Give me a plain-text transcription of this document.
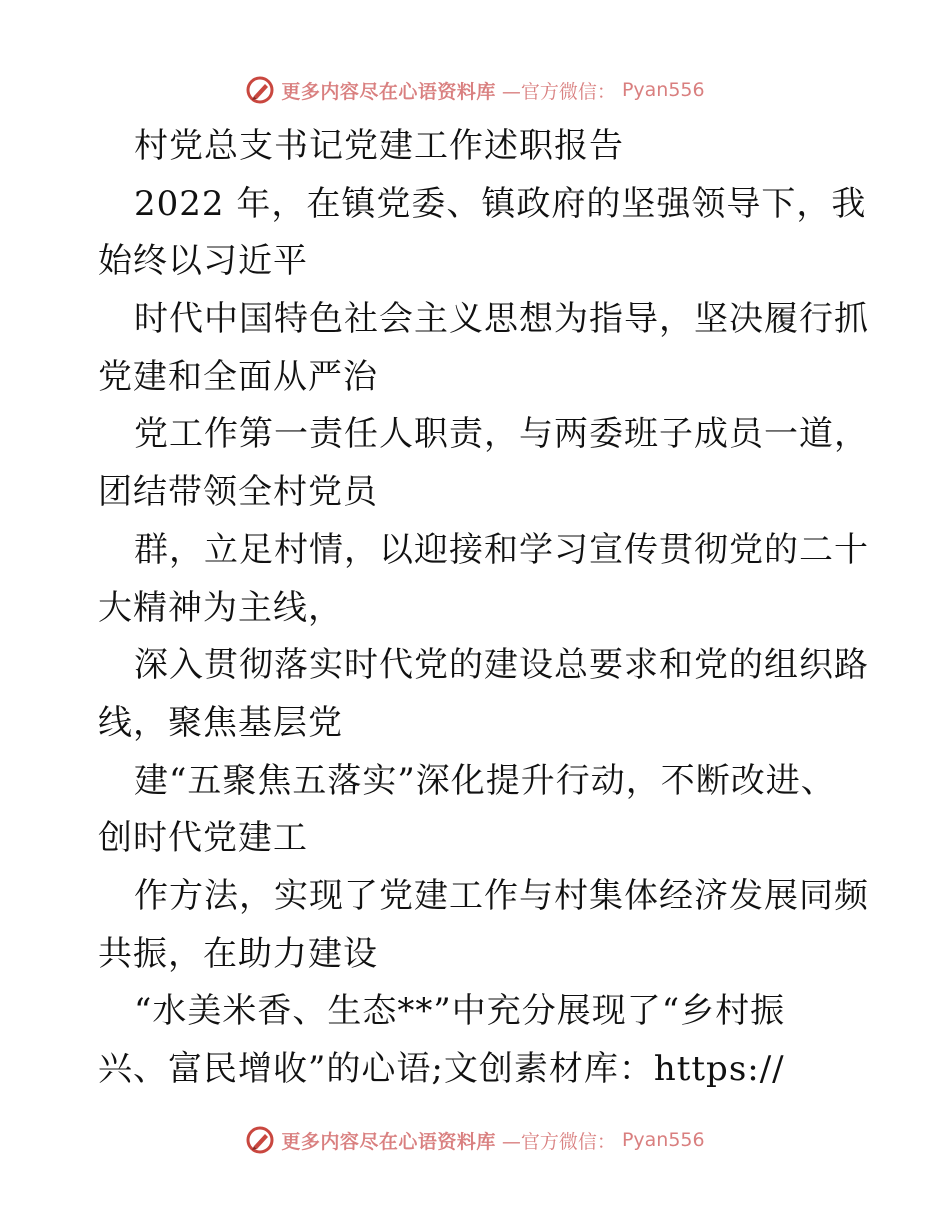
更多内容尽在心语资料库 —官方微信： Pyan556
村党总支书记党建工作述职报告
2022 年，在镇党委、镇政府的坚强领导下，我
始终以习近平
时代中国特色社会主义思想为指导，坚决履行抓
党建和全面从严治
党工作第一责任人职责，与两委班子成员一道，
团结带领全村党员
群，立足村情，以迎接和学习宣传贯彻党的二十
大精神为主线，
深入贯彻落实时代党的建设总要求和党的组织路
线，聚焦基层党
建“五聚焦五落实”深化提升行动，不断改进、
创时代党建工
作方法，实现了党建工作与村集体经济发展同频
共振，在助力建设
“水美米香、生态**”中充分展现了“乡村振
兴、富民增收”的心语;文创素材库：https://
更多内容尽在心语资料库 —官方微信： Pyan556
